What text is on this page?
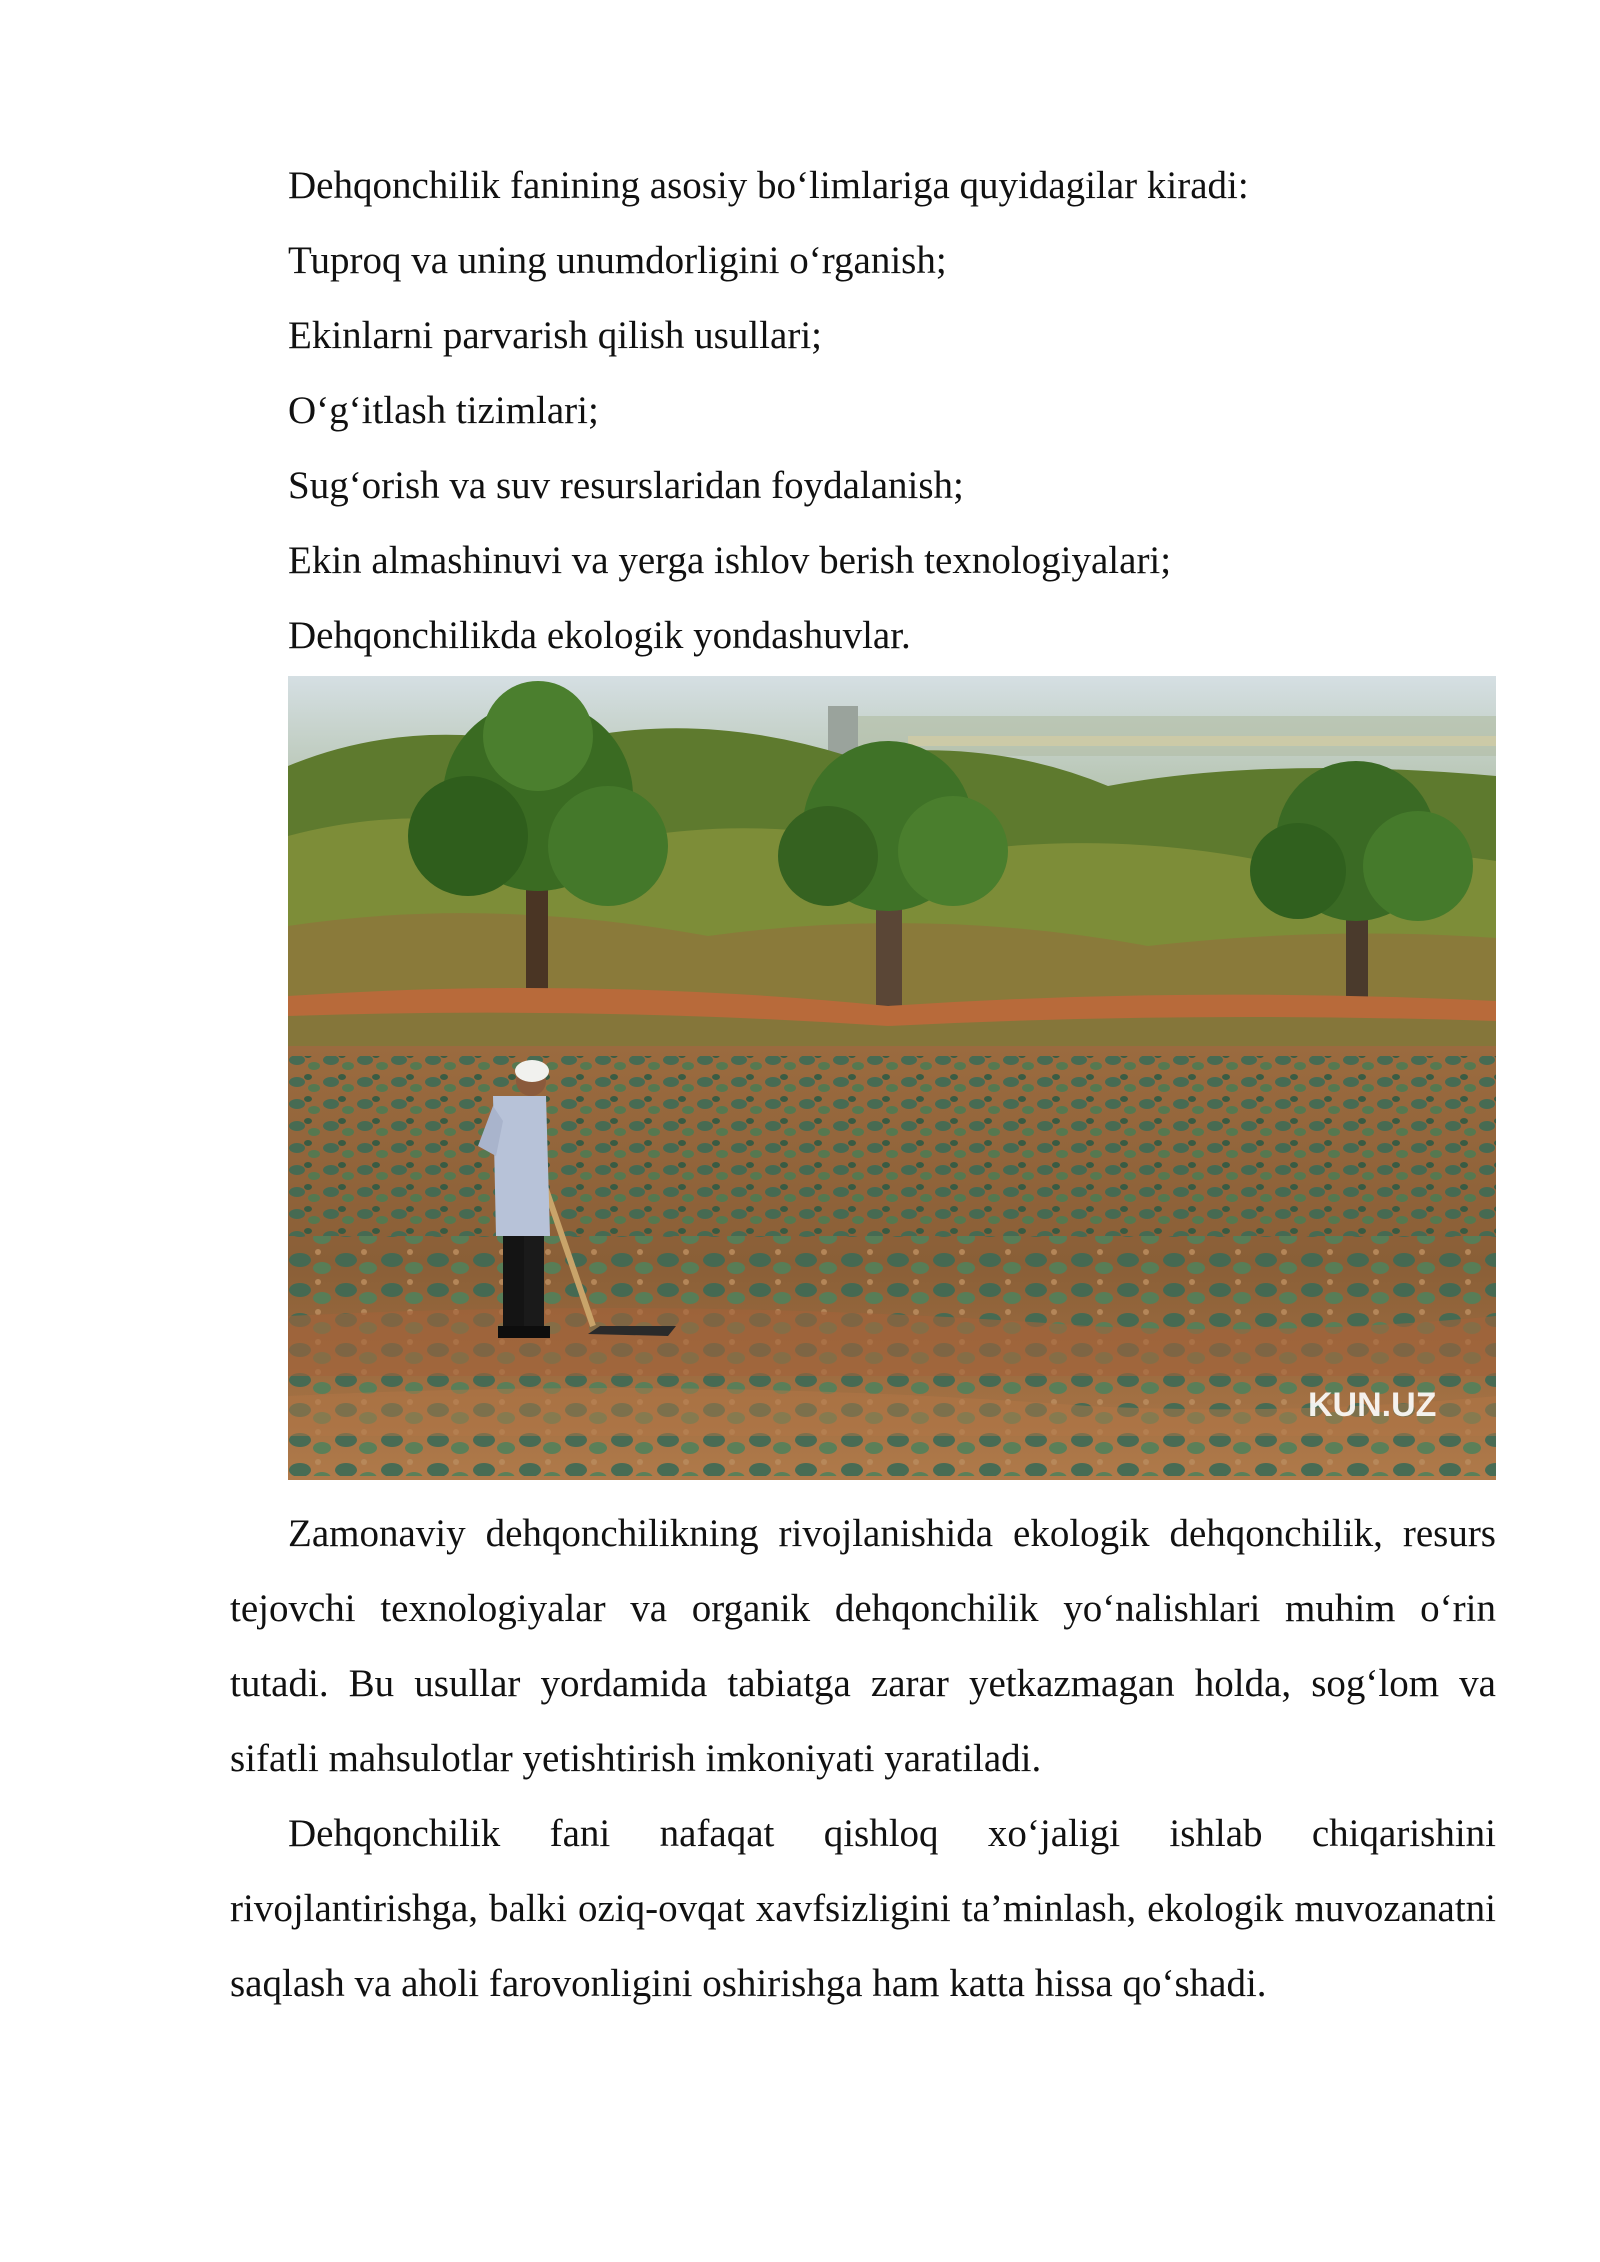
Dehqonchilik fanining asosiy bo‘limlariga quyidagilar kiradi:

Tuproq va uning unumdorligini o‘rganish;

Ekinlarni parvarish qilish usullari;

O‘g‘itlash tizimlari;

Sug‘orish va suv resurslaridan foydalanish;

Ekin almashinuvi va yerga ishlov berish texnologiyalari;

Dehqonchilikda ekologik yondashuvlar.

KUN.UZ

Zamonaviy dehqonchilikning rivojlanishida ekologik dehqonchilik, resurs tejovchi texnologiyalar va organik dehqonchilik yo‘nalishlari muhim o‘rin tutadi. Bu usullar yordamida tabiatga zarar yetkazmagan holda, sog‘lom va sifatli mahsulotlar yetishtirish imkoniyati yaratiladi.

Dehqonchilik fani nafaqat qishloq xo‘jaligi ishlab chiqarishini rivojlantirishga, balki oziq-ovqat xavfsizligini ta’minlash, ekologik muvozanatni saqlash va aholi farovonligini oshirishga ham katta hissa qo‘shadi.
